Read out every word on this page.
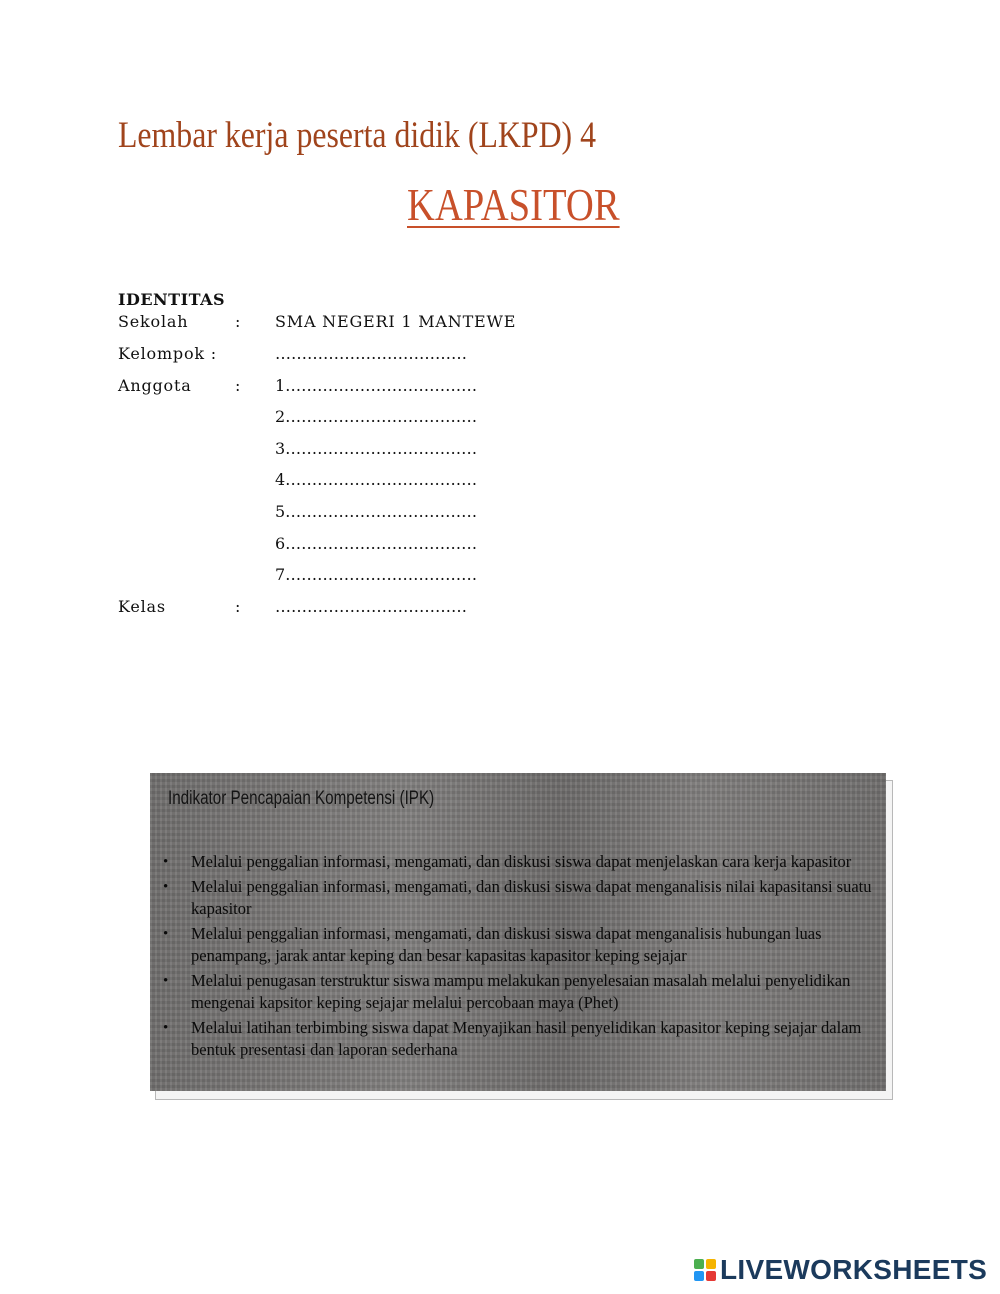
Lembar kerja peserta didik (LKPD) 4
KAPASITOR
IDENTITAS
Sekolah	: SMA NEGERI 1 MANTEWE
Kelompok :	………………………………
Anggota	: 1………………………………
2………………………………
3………………………………
4………………………………
5………………………………
6………………………………
7………………………………
Kelas	: ………………………………
Indikator Pencapaian Kompetensi (IPK)
• Melalui penggalian informasi, mengamati, dan diskusi siswa dapat menjelaskan cara kerja kapasitor
• Melalui penggalian informasi, mengamati, dan diskusi siswa dapat menganalisis nilai kapasitansi suatu kapasitor
• Melalui penggalian informasi, mengamati, dan diskusi siswa dapat menganalisis hubungan luas penampang, jarak antar keping dan besar kapasitas kapasitor keping sejajar
• Melalui penugasan terstruktur siswa mampu melakukan penyelesaian masalah melalui penyelidikan mengenai kapsitor keping sejajar melalui percobaan maya (Phet)
• Melalui latihan terbimbing siswa dapat Menyajikan hasil penyelidikan kapasitor keping sejajar dalam bentuk presentasi dan laporan sederhana
LIVEWORKSHEETS
